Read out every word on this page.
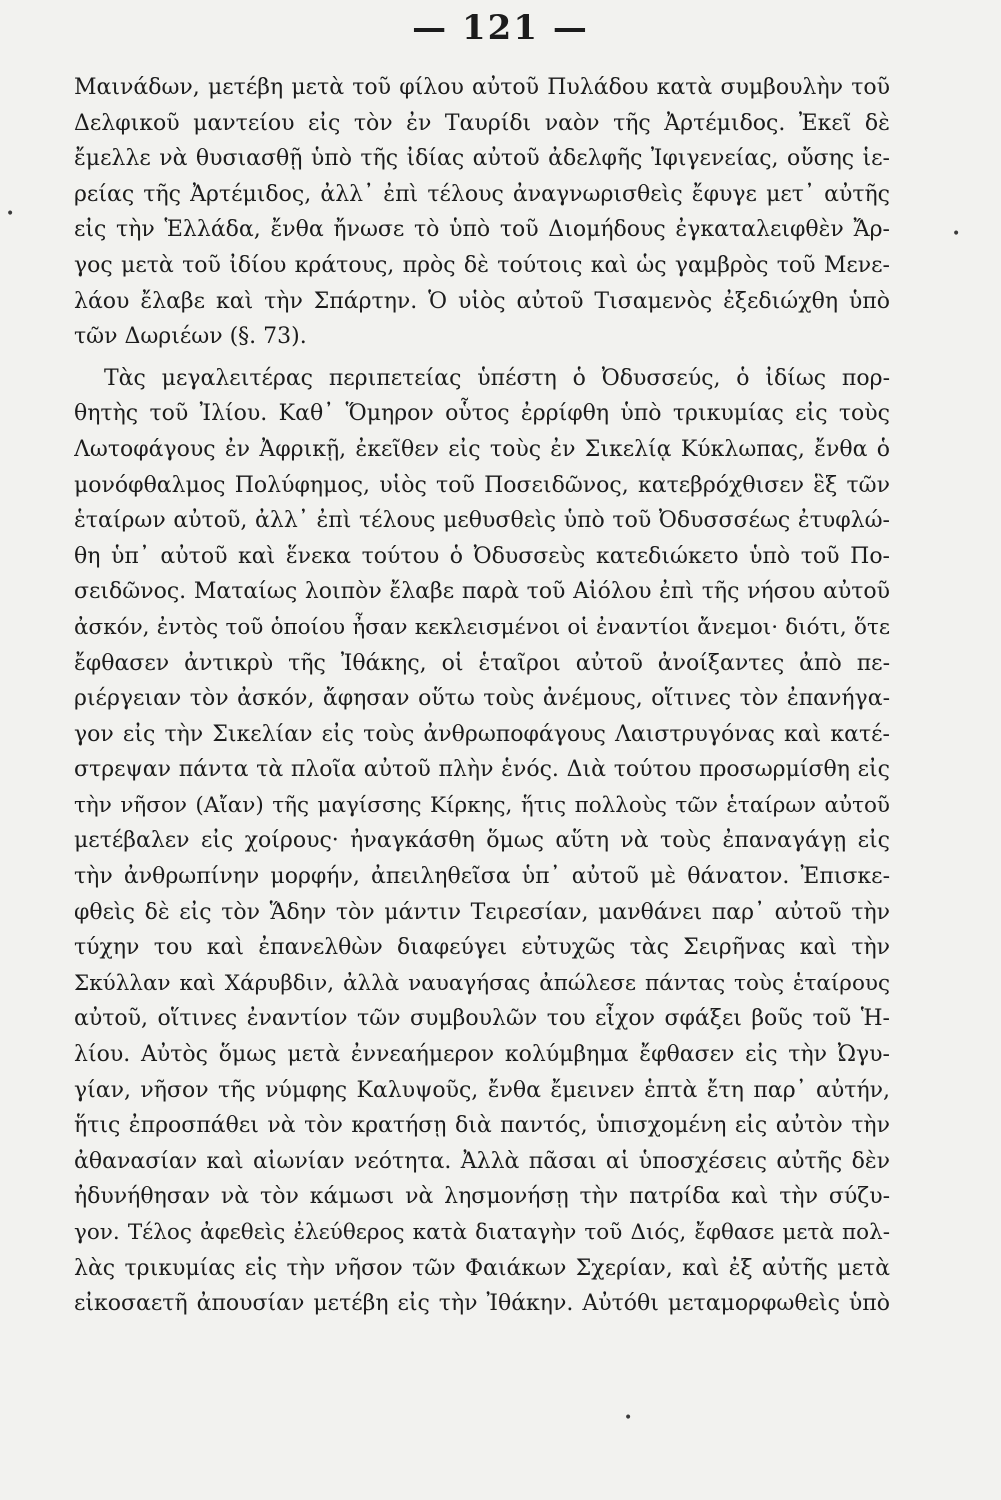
— 121 —
•
•
•
Μαινάδων, μετέβη μετὰ τοῦ φίλου αὐτοῦ Πυλάδου κατὰ συμβουλὴν τοῦ
Δελφικοῦ μαντείου εἰς τὸν ἐν Ταυρίδι ναὸν τῆς Ἀρτέμιδος. Ἐκεῖ δὲ
ἔμελλε νὰ θυσιασθῇ ὑπὸ τῆς ἰδίας αὐτοῦ ἀδελφῆς Ἰφιγενείας, οὔσης ἱε-
ρείας τῆς Ἀρτέμιδος, ἀλλ᾽ ἐπὶ τέλους ἀναγνωρισθεὶς ἔφυγε μετ᾽ αὐτῆς
εἰς τὴν Ἑλλάδα, ἔνθα ἤνωσε τὸ ὑπὸ τοῦ Διομήδους ἐγκαταλειφθὲν Ἄρ-
γος μετὰ τοῦ ἰδίου κράτους, πρὸς δὲ τούτοις καὶ ὡς γαμβρὸς τοῦ Μενε-
λάου ἔλαβε καὶ τὴν Σπάρτην. Ὁ υἱὸς αὐτοῦ Τισαμενὸς ἐξεδιώχθη ὑπὸ
τῶν Δωριέων (§. 73).
Τὰς μεγαλειτέρας περιπετείας ὑπέστη ὁ Ὀδυσσεύς, ὁ ἰδίως πορ-
θητὴς τοῦ Ἰλίου. Καθ᾽ Ὅμηρον οὗτος ἐρρίφθη ὑπὸ τρικυμίας εἰς τοὺς
Λωτοφάγους ἐν Ἀφρικῇ, ἐκεῖθεν εἰς τοὺς ἐν Σικελίᾳ Κύκλωπας, ἔνθα ὁ
μονόφθαλμος Πολύφημος, υἱὸς τοῦ Ποσειδῶνος, κατεβρόχθισεν ἓξ τῶν
ἑταίρων αὐτοῦ, ἀλλ᾽ ἐπὶ τέλους μεθυσθεὶς ὑπὸ τοῦ Ὀδυσσσέως ἐτυφλώ-
θη ὑπ᾽ αὐτοῦ καὶ ἕνεκα τούτου ὁ Ὀδυσσεὺς κατεδιώκετο ὑπὸ τοῦ Πο-
σειδῶνος. Ματαίως λοιπὸν ἔλαβε παρὰ τοῦ Αἰόλου ἐπὶ τῆς νήσου αὐτοῦ
ἀσκόν, ἐντὸς τοῦ ὁποίου ἦσαν κεκλεισμένοι οἱ ἐναντίοι ἄνεμοι· διότι, ὅτε
ἔφθασεν ἀντικρὺ τῆς Ἰθάκης, οἱ ἑταῖροι αὐτοῦ ἀνοίξαντες ἀπὸ πε-
ριέργειαν τὸν ἀσκόν, ἄφησαν οὕτω τοὺς ἀνέμους, οἵτινες τὸν ἐπανήγα-
γον εἰς τὴν Σικελίαν εἰς τοὺς ἀνθρωποφάγους Λαιστρυγόνας καὶ κατέ-
στρεψαν πάντα τὰ πλοῖα αὐτοῦ πλὴν ἑνός. Διὰ τούτου προσωρμίσθη εἰς
τὴν νῆσον (Αἴαν) τῆς μαγίσσης Κίρκης, ἥτις πολλοὺς τῶν ἑταίρων αὐτοῦ
μετέβαλεν εἰς χοίρους· ἠναγκάσθη ὅμως αὕτη νὰ τοὺς ἐπαναγάγῃ εἰς
τὴν ἀνθρωπίνην μορφήν, ἀπειληθεῖσα ὑπ᾽ αὐτοῦ μὲ θάνατον. Ἐπισκε-
φθεὶς δὲ εἰς τὸν Ἅδην τὸν μάντιν Τειρεσίαν, μανθάνει παρ᾽ αὐτοῦ τὴν
τύχην του καὶ ἐπανελθὼν διαφεύγει εὐτυχῶς τὰς Σειρῆνας καὶ τὴν
Σκύλλαν καὶ Χάρυβδιν, ἀλλὰ ναυαγήσας ἀπώλεσε πάντας τοὺς ἑταίρους
αὐτοῦ, οἵτινες ἐναντίον τῶν συμβουλῶν του εἶχον σφάξει βοῦς τοῦ Ἡ-
λίου. Αὐτὸς ὅμως μετὰ ἐννεαήμερον κολύμβημα ἔφθασεν εἰς τὴν Ὠγυ-
γίαν, νῆσον τῆς νύμφης Καλυψοῦς, ἔνθα ἔμεινεν ἑπτὰ ἔτη παρ᾽ αὐτήν,
ἥτις ἐπροσπάθει νὰ τὸν κρατήσῃ διὰ παντός, ὑπισχομένη εἰς αὐτὸν τὴν
ἀθανασίαν καὶ αἰωνίαν νεότητα. Ἀλλὰ πᾶσαι αἱ ὑποσχέσεις αὐτῆς δὲν
ἠδυνήθησαν νὰ τὸν κάμωσι νὰ λησμονήσῃ τὴν πατρίδα καὶ τὴν σύζυ-
γον. Τέλος ἀφεθεὶς ἐλεύθερος κατὰ διαταγὴν τοῦ Διός, ἔφθασε μετὰ πολ-
λὰς τρικυμίας εἰς τὴν νῆσον τῶν Φαιάκων Σχερίαν, καὶ ἐξ αὐτῆς μετὰ
εἰκοσαετῆ ἀπουσίαν μετέβη εἰς τὴν Ἰθάκην. Αὐτόθι μεταμορφωθεὶς ὑπὸ
